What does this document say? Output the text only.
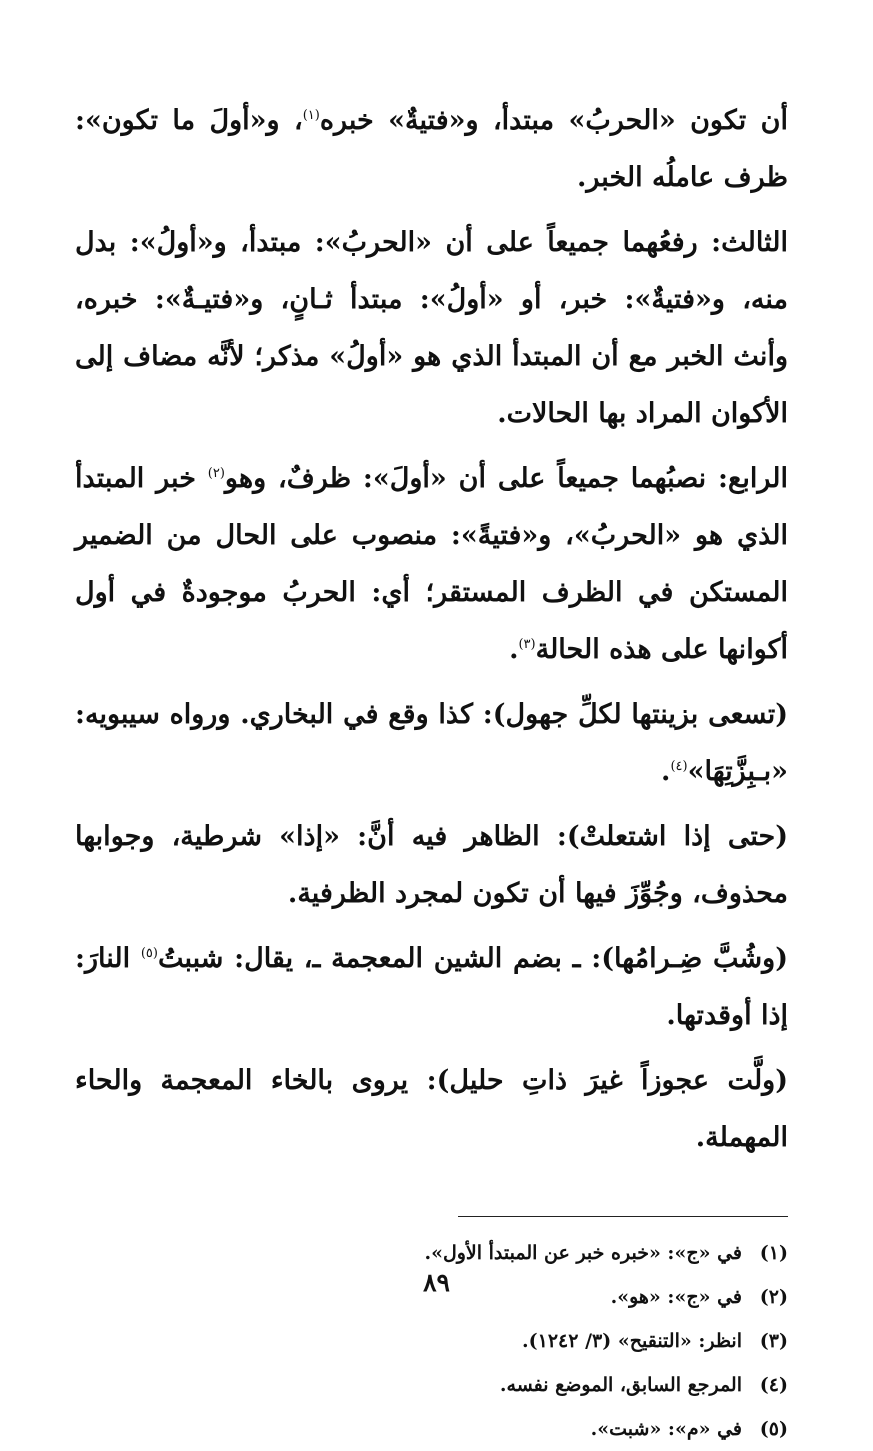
أن تكون «الحربُ» مبتدأ، و«فتيةٌ» خبره$^{(١)}$، و«أولَ ما تكون»: ظرف عاملُه الخبر.

الثالث: رفعُهما جميعاً على أن «الحربُ»: مبتدأ، و«أولُ»: بدل منه، و«فتيةٌ»: خبر، أو «أولُ»: مبتدأ ثـانٍ، و«فتيـةٌ»: خبره، وأنث الخبر مع أن المبتدأ الذي هو «أولُ» مذكر؛ لأنَّه مضاف إلى الأكوان المراد بها الحالات.

الرابع: نصبُهما جميعاً على أن «أولَ»: ظرفٌ، وهو$^{(٢)}$ خبر المبتدأ الذي هو «الحربُ»، و«فتيةً»: منصوب على الحال من الضمير المستكن في الظرف المستقر؛ أي: الحربُ موجودةٌ في أول أكوانها على هذه الحالة$^{(٣)}$.

(تسعى بزينتها لكلِّ جهول): كذا وقع في البخاري. ورواه سيبويه: «بـبِزَّتِهَا»$^{(٤)}$.

(حتى إذا اشتعلتْ): الظاهر فيه أنَّ: «إذا» شرطية، وجوابها محذوف، وجُوِّزَ فيها أن تكون لمجرد الظرفية.

(وشُبَّ ضِـرامُها): ـ بضم الشين المعجمة ـ، يقال: شببتُ$^{(٥)}$ النارَ: إذا أوقدتها.

(ولَّت عجوزاً غيرَ ذاتِ حليل): يروى بالخاء المعجمة والحاء المهملة.

(١)في «ج»: «خبره خبر عن المبتدأ الأول».
(٢)في «ج»: «هو».
(٣)انظر: «التنقيح» (٣/ ١٢٤٢).
(٤)المرجع السابق، الموضع نفسه.
(٥)في «م»: «شبت».
٨٩
